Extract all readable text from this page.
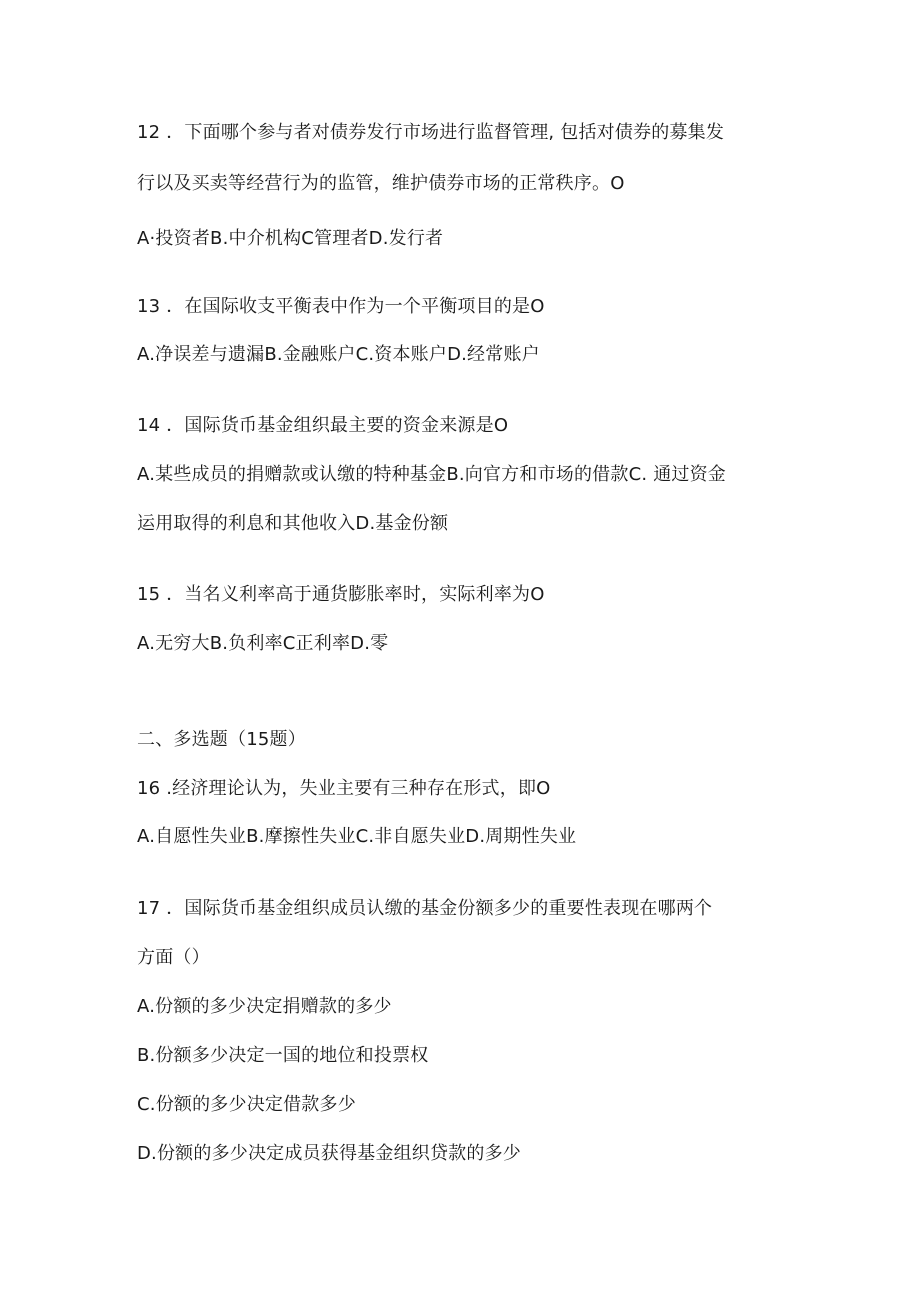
12 ．下面哪个参与者对债券发行市场进行监督管理, 包括对债券的募集发
行以及买卖等经营行为的监管，维护债券市场的正常秩序。O
A·投资者B.中介机构C管理者D.发行者
13 ．在国际收支平衡表中作为一个平衡项目的是O
A.净误差与遗漏B.金融账户C.资本账户D.经常账户
14 ．国际货币基金组织最主要的资金来源是O
A.某些成员的捐赠款或认缴的特种基金B.向官方和市场的借款C. 通过资金
运用取得的利息和其他收入D.基金份额
15 ．当名义利率高于通货膨胀率时，实际利率为O
A.无穷大B.负利率C正利率D.零
二、多选题（15题）
16 .经济理论认为，失业主要有三种存在形式，即O
A.自愿性失业B.摩擦性失业C.非自愿失业D.周期性失业
17 ．国际货币基金组织成员认缴的基金份额多少的重要性表现在哪两个
方面（）
A.份额的多少决定捐赠款的多少
B.份额多少决定一国的地位和投票权
C.份额的多少决定借款多少
D.份额的多少决定成员获得基金组织贷款的多少
